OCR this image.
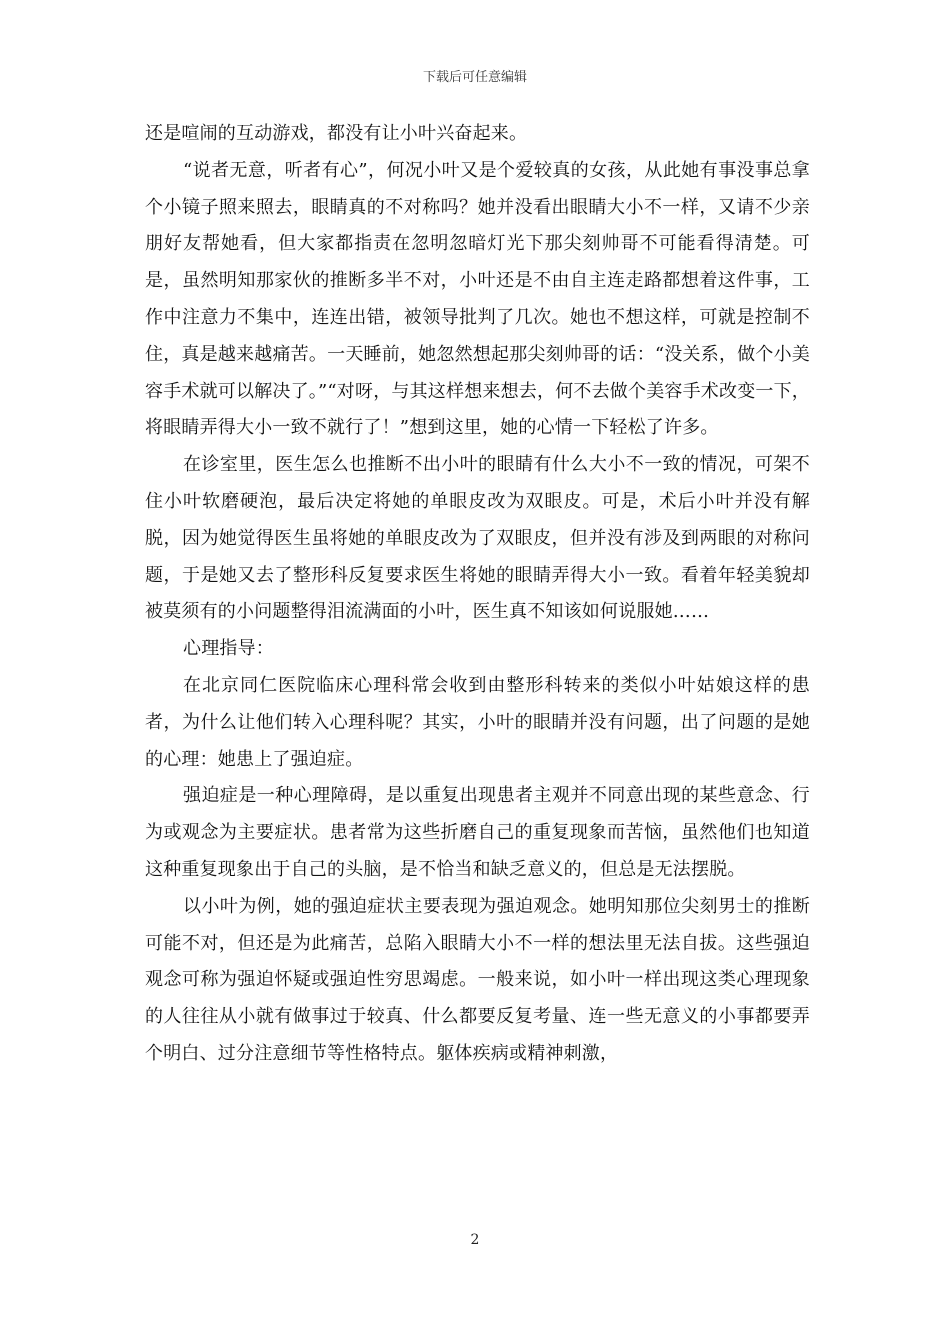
下载后可任意编辑

还是喧闹的互动游戏，都没有让小叶兴奋起来。

“说者无意，听者有心”，何况小叶又是个爱较真的女孩，从此她有事没事总拿个小镜子照来照去，眼睛真的不对称吗？她并没看出眼睛大小不一样，又请不少亲朋好友帮她看，但大家都指责在忽明忽暗灯光下那尖刻帅哥不可能看得清楚。可是，虽然明知那家伙的推断多半不对，小叶还是不由自主连走路都想着这件事，工作中注意力不集中，连连出错，被领导批判了几次。她也不想这样，可就是控制不住，真是越来越痛苦。一天睡前，她忽然想起那尖刻帅哥的话：“没关系，做个小美容手术就可以解决了。”“对呀，与其这样想来想去，何不去做个美容手术改变一下，将眼睛弄得大小一致不就行了！”想到这里，她的心情一下轻松了许多。

在诊室里，医生怎么也推断不出小叶的眼睛有什么大小不一致的情况，可架不住小叶软磨硬泡，最后决定将她的单眼皮改为双眼皮。可是，术后小叶并没有解脱，因为她觉得医生虽将她的单眼皮改为了双眼皮，但并没有涉及到两眼的对称问题，于是她又去了整形科反复要求医生将她的眼睛弄得大小一致。看着年轻美貌却被莫须有的小问题整得泪流满面的小叶，医生真不知该如何说服她……

心理指导：

在北京同仁医院临床心理科常会收到由整形科转来的类似小叶姑娘这样的患者，为什么让他们转入心理科呢？其实，小叶的眼睛并没有问题，出了问题的是她的心理：她患上了强迫症。

强迫症是一种心理障碍，是以重复出现患者主观并不同意出现的某些意念、行为或观念为主要症状。患者常为这些折磨自己的重复现象而苦恼，虽然他们也知道这种重复现象出于自己的头脑，是不恰当和缺乏意义的，但总是无法摆脱。

以小叶为例，她的强迫症状主要表现为强迫观念。她明知那位尖刻男士的推断可能不对，但还是为此痛苦，总陷入眼睛大小不一样的想法里无法自拔。这些强迫观念可称为强迫怀疑或强迫性穷思竭虑。一般来说，如小叶一样出现这类心理现象的人往往从小就有做事过于较真、什么都要反复考量、连一些无意义的小事都要弄个明白、过分注意细节等性格特点。躯体疾病或精神刺激，

2
